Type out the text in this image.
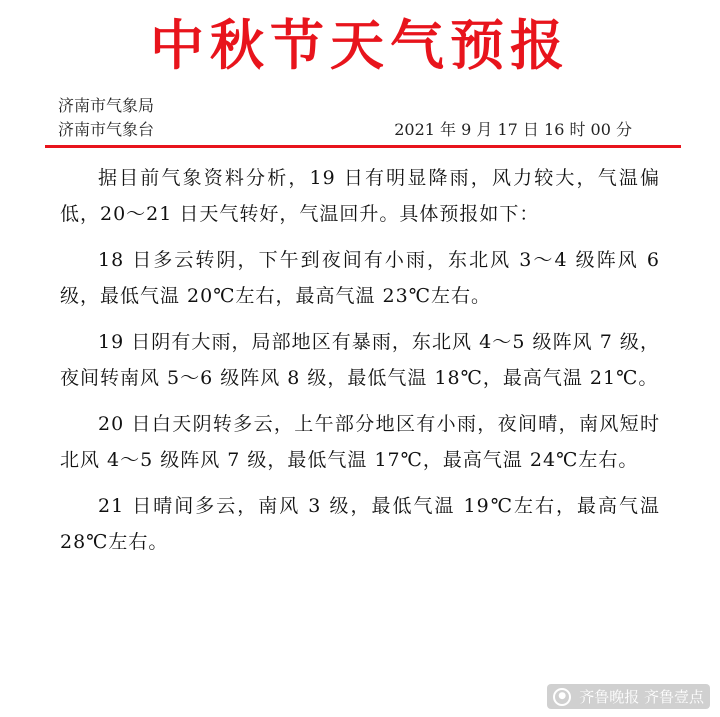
中秋节天气预报
济南市气象局
济南市气象台	2021 年 9 月 17 日 16 时 00 分

据目前气象资料分析，19 日有明显降雨，风力较大，气温偏低，20～21 日天气转好，气温回升。具体预报如下：

18 日多云转阴，下午到夜间有小雨，东北风 3～4 级阵风 6 级，最低气温 20℃左右，最高气温 23℃左右。

19 日阴有大雨，局部地区有暴雨，东北风 4～5 级阵风 7 级，夜间转南风 5～6 级阵风 8 级，最低气温 18℃，最高气温 21℃。

20 日白天阴转多云，上午部分地区有小雨，夜间晴，南风短时北风 4～5 级阵风 7 级，最低气温 17℃，最高气温 24℃左右。

21 日晴间多云，南风 3 级，最低气温 19℃左右，最高气温 28℃左右。

● 齐鲁晚报 齐鲁壹点
